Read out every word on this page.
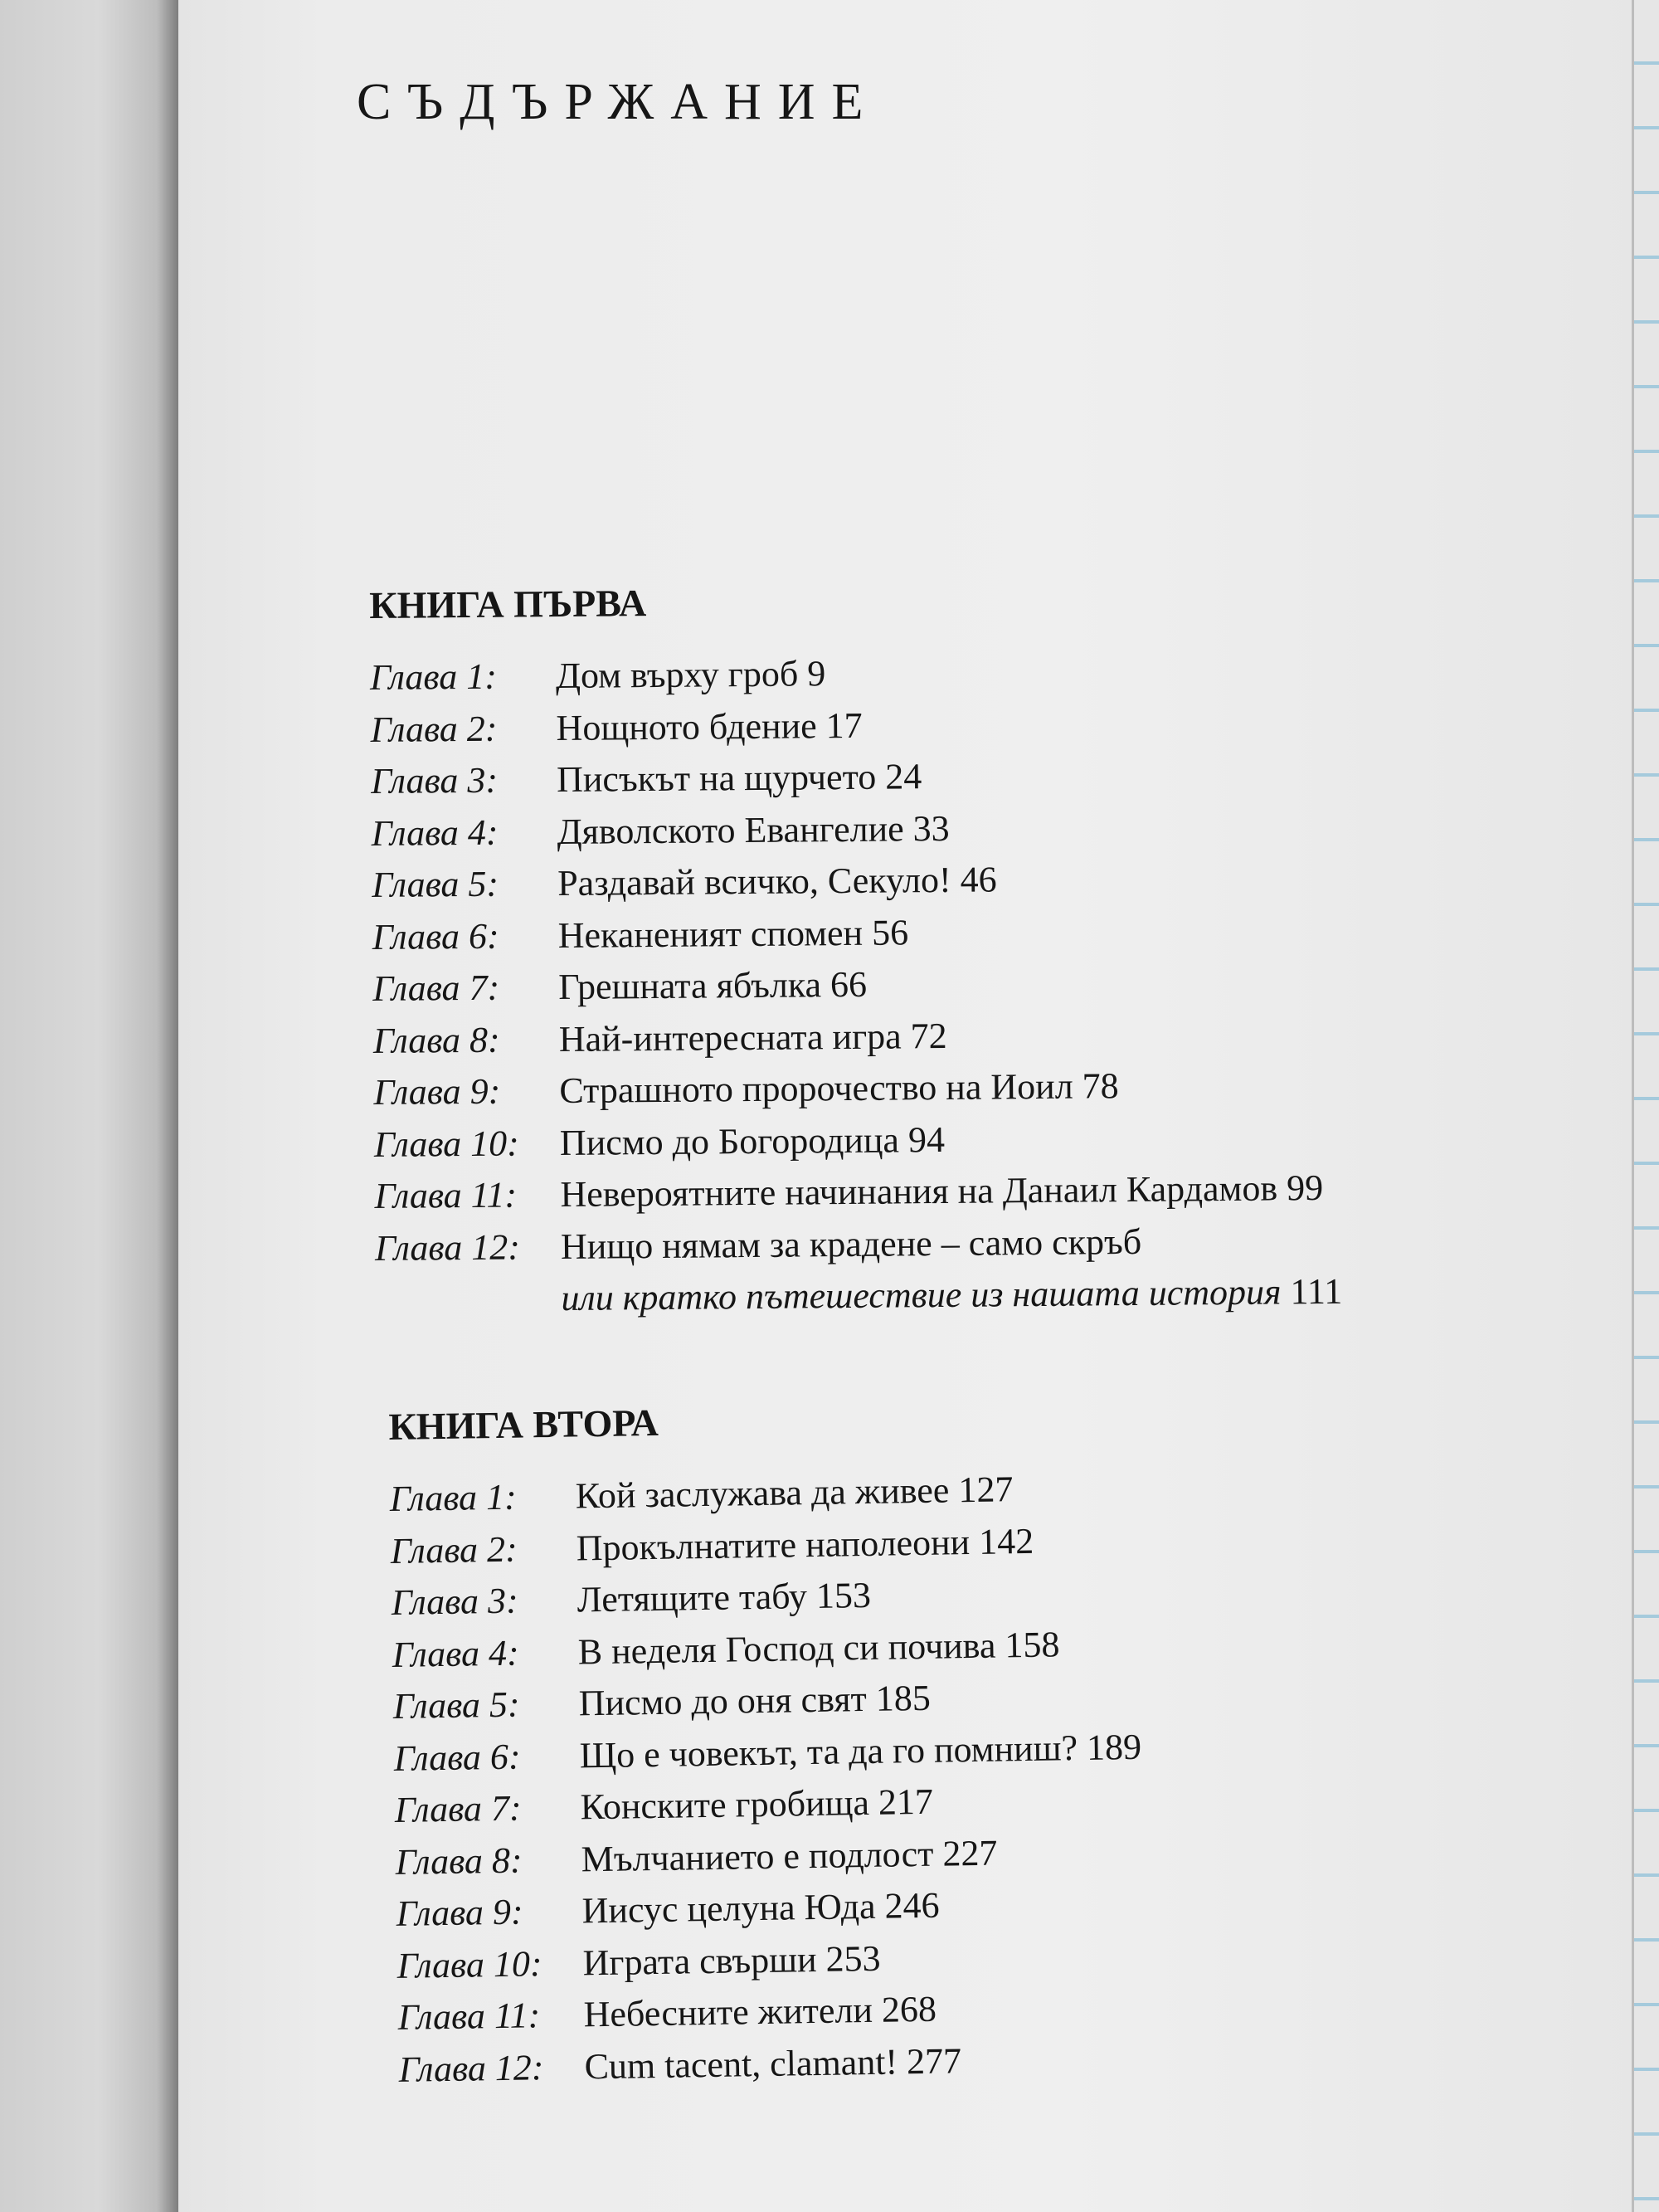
СЪДЪРЖАНИЕ
КНИГА ПЪРВА
Глава 1:	Дом върху гроб 9
Глава 2:	Нощното бдение 17
Глава 3:	Писъкът на щурчето 24
Глава 4:	Дяволското Евангелие 33
Глава 5:	Раздавай всичко, Секуло! 46
Глава 6:	Неканеният спомен 56
Глава 7:	Грешната ябълка 66
Глава 8:	Най-интересната игра 72
Глава 9:	Страшното пророчество на Иоил 78
Глава 10:	Писмо до Богородица 94
Глава 11:	Невероятните начинания на Данаил Кардамов 99
Глава 12:	Нищо нямам за крадене – само скръб
или кратко пътешествие из нашата история 111
КНИГА ВТОРА
Глава 1:	Кой заслужава да живее 127
Глава 2:	Прокълнатите наполеони 142
Глава 3:	Летящите табу 153
Глава 4:	В неделя Господ си почива 158
Глава 5:	Писмо до оня свят 185
Глава 6:	Що е човекът, та да го помниш? 189
Глава 7:	Конските гробища 217
Глава 8:	Мълчанието е подлост 227
Глава 9:	Иисус целуна Юда 246
Глава 10:	Играта свърши 253
Глава 11:	Небесните жители 268
Глава 12:	Cum tacent, clamant! 277
